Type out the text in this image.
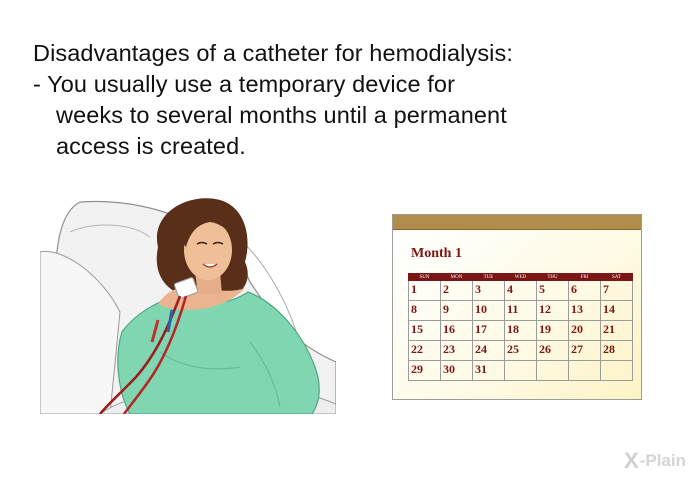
Disadvantages of a catheter for hemodialysis:
- You usually use a temporary device for
weeks to several months until a permanent
access is created.
Month 1
SUN	MON	TUE	WED	THU	FRI	SAT
1	2	3	4	5	6	7
8	9	10	11	12	13	14
15	16	17	18	19	20	21
22	23	24	25	26	27	28
29	30	31				
X -Plain
